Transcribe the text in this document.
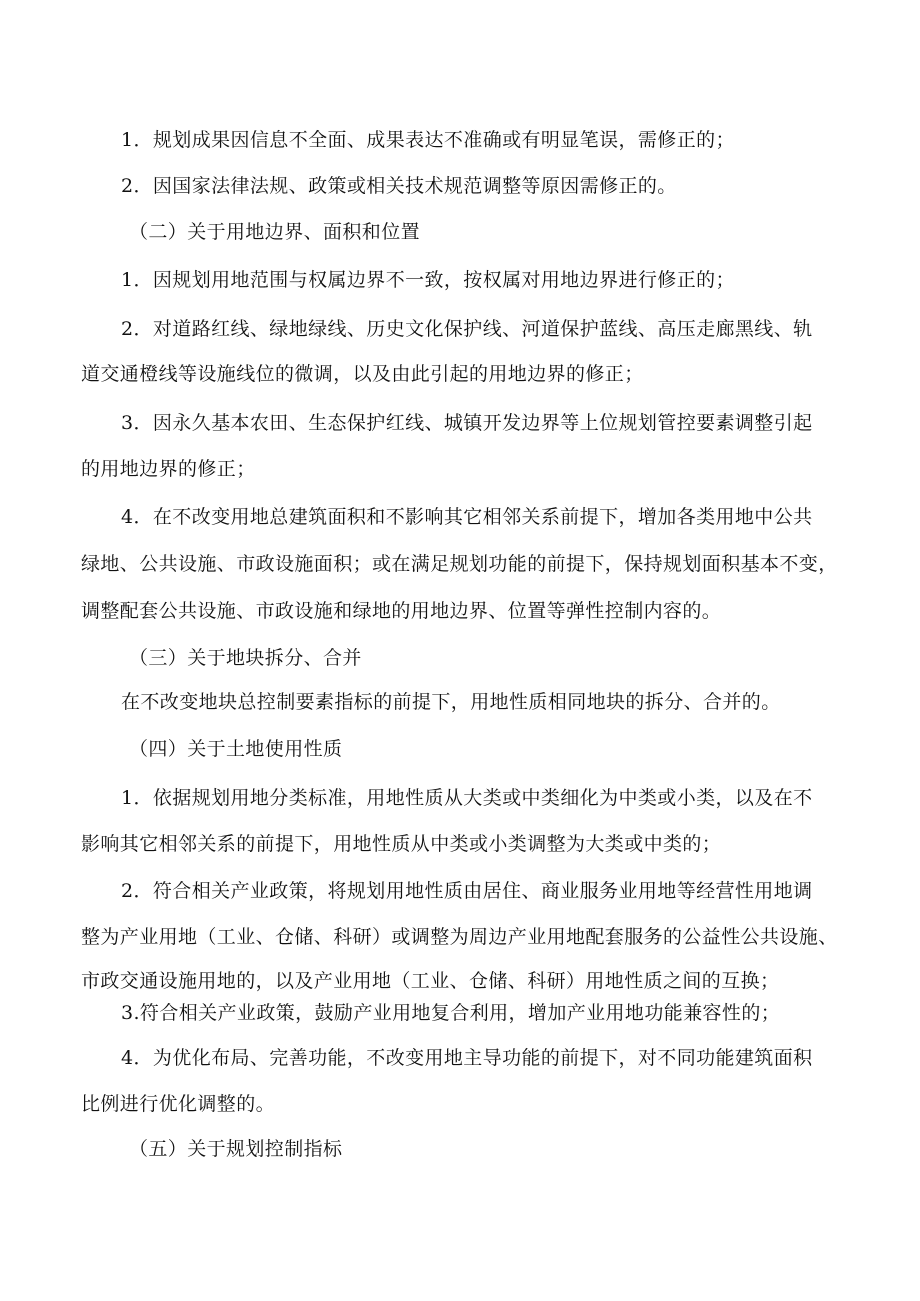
1．规划成果因信息不全面、成果表达不准确或有明显笔误，需修正的；
2．因国家法律法规、政策或相关技术规范调整等原因需修正的。
（二）关于用地边界、面积和位置
1．因规划用地范围与权属边界不一致，按权属对用地边界进行修正的；
2．对道路红线、绿地绿线、历史文化保护线、河道保护蓝线、高压走廊黑线、轨
道交通橙线等设施线位的微调，以及由此引起的用地边界的修正；
3．因永久基本农田、生态保护红线、城镇开发边界等上位规划管控要素调整引起
的用地边界的修正；
4．在不改变用地总建筑面积和不影响其它相邻关系前提下，增加各类用地中公共
绿地、公共设施、市政设施面积；或在满足规划功能的前提下，保持规划面积基本不变，
调整配套公共设施、市政设施和绿地的用地边界、位置等弹性控制内容的。
（三）关于地块拆分、合并
在不改变地块总控制要素指标的前提下，用地性质相同地块的拆分、合并的。
（四）关于土地使用性质
1．依据规划用地分类标准，用地性质从大类或中类细化为中类或小类，以及在不
影响其它相邻关系的前提下，用地性质从中类或小类调整为大类或中类的；
2．符合相关产业政策，将规划用地性质由居住、商业服务业用地等经营性用地调
整为产业用地（工业、仓储、科研）或调整为周边产业用地配套服务的公益性公共设施、
市政交通设施用地的，以及产业用地（工业、仓储、科研）用地性质之间的互换；
3.符合相关产业政策，鼓励产业用地复合利用，增加产业用地功能兼容性的；
4．为优化布局、完善功能，不改变用地主导功能的前提下，对不同功能建筑面积
比例进行优化调整的。
（五）关于规划控制指标
